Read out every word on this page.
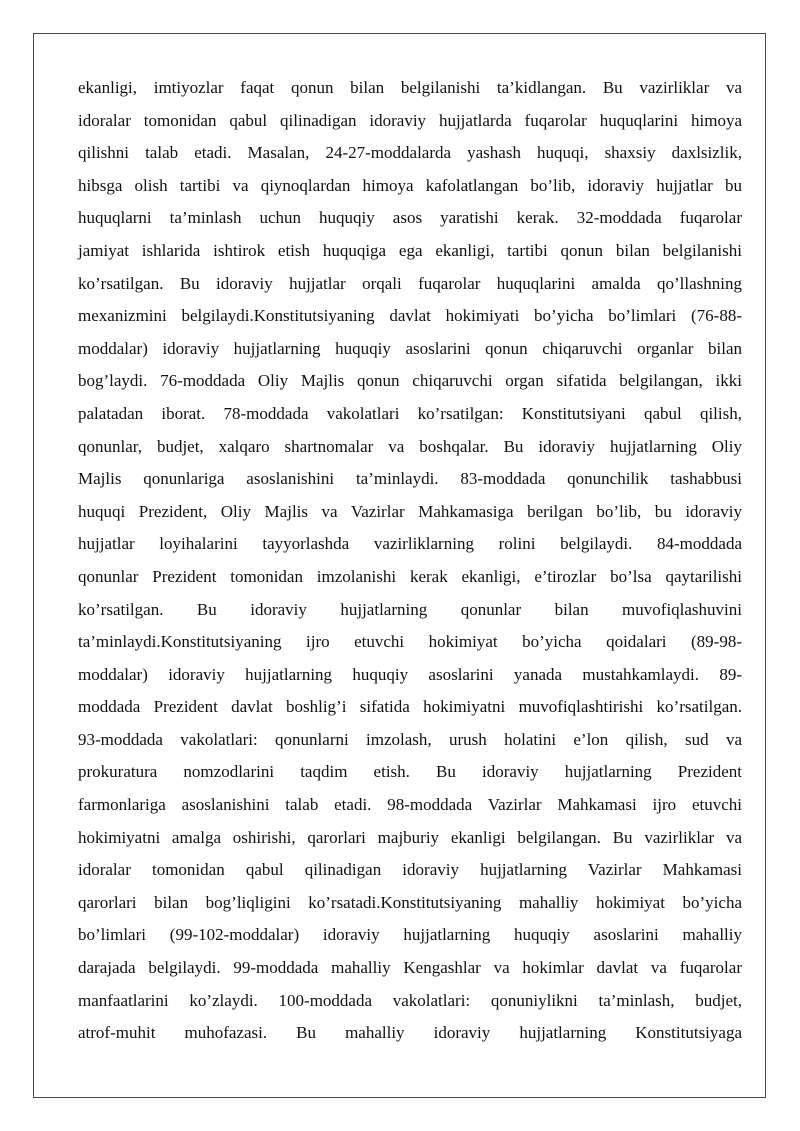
ekanligi, imtiyozlar faqat qonun bilan belgilanishi ta’kidlangan. Bu vazirliklar va
idoralar tomonidan qabul qilinadigan idoraviy hujjatlarda fuqarolar huquqlarini himoya
qilishni talab etadi. Masalan, 24-27-moddalarda yashash huquqi, shaxsiy daxlsizlik,
hibsga olish tartibi va qiynoqlardan himoya kafolatlangan bo’lib, idoraviy hujjatlar bu
huquqlarni ta’minlash uchun huquqiy asos yaratishi kerak. 32-moddada fuqarolar
jamiyat ishlarida ishtirok etish huquqiga ega ekanligi, tartibi qonun bilan belgilanishi
ko’rsatilgan. Bu idoraviy hujjatlar orqali fuqarolar huquqlarini amalda qo’llashning
mexanizmini belgilaydi.Konstitutsiyaning davlat hokimiyati bo’yicha bo’limlari (76-88-
moddalar) idoraviy hujjatlarning huquqiy asoslarini qonun chiqaruvchi organlar bilan
bog’laydi. 76-moddada Oliy Majlis qonun chiqaruvchi organ sifatida belgilangan, ikki
palatadan iborat. 78-moddada vakolatlari ko’rsatilgan: Konstitutsiyani qabul qilish,
qonunlar, budjet, xalqaro shartnomalar va boshqalar. Bu idoraviy hujjatlarning Oliy
Majlis qonunlariga asoslanishini ta’minlaydi. 83-moddada qonunchilik tashabbusi
huquqi Prezident, Oliy Majlis va Vazirlar Mahkamasiga berilgan bo’lib, bu idoraviy
hujjatlar loyihalarini tayyorlashda vazirliklarning rolini belgilaydi. 84-moddada
qonunlar Prezident tomonidan imzolanishi kerak ekanligi, e’tirozlar bo’lsa qaytarilishi
ko’rsatilgan. Bu idoraviy hujjatlarning qonunlar bilan muvofiqlashuvini
ta’minlaydi.Konstitutsiyaning ijro etuvchi hokimiyat bo’yicha qoidalari (89-98-
moddalar) idoraviy hujjatlarning huquqiy asoslarini yanada mustahkamlaydi. 89-
moddada Prezident davlat boshlig’i sifatida hokimiyatni muvofiqlashtirishi ko’rsatilgan.
93-moddada vakolatlari: qonunlarni imzolash, urush holatini e’lon qilish, sud va
prokuratura nomzodlarini taqdim etish. Bu idoraviy hujjatlarning Prezident
farmonlariga asoslanishini talab etadi. 98-moddada Vazirlar Mahkamasi ijro etuvchi
hokimiyatni amalga oshirishi, qarorlari majburiy ekanligi belgilangan. Bu vazirliklar va
idoralar tomonidan qabul qilinadigan idoraviy hujjatlarning Vazirlar Mahkamasi
qarorlari bilan bog’liqligini ko’rsatadi.Konstitutsiyaning mahalliy hokimiyat bo’yicha
bo’limlari (99-102-moddalar) idoraviy hujjatlarning huquqiy asoslarini mahalliy
darajada belgilaydi. 99-moddada mahalliy Kengashlar va hokimlar davlat va fuqarolar
manfaatlarini ko’zlaydi. 100-moddada vakolatlari: qonuniylikni ta’minlash, budjet,
atrof-muhit muhofazasi. Bu mahalliy idoraviy hujjatlarning Konstitutsiyaga
